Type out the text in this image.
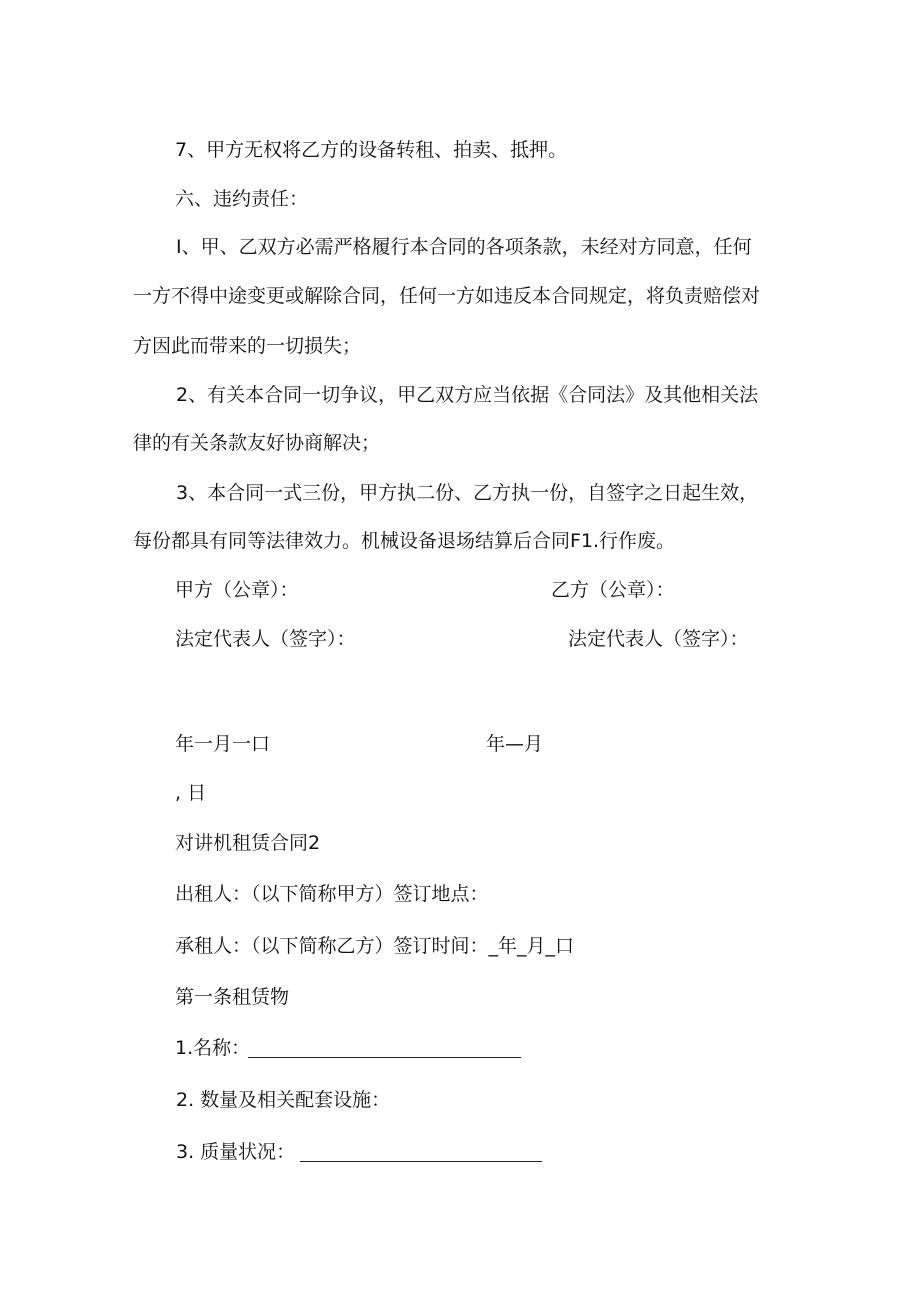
7、甲方无权将乙方的设备转租、拍卖、抵押。
六、违约责任：
I、甲、乙双方必需严格履行本合同的各项条款，未经对方同意，任何
一方不得中途变更或解除合同，任何一方如违反本合同规定，将负责赔偿对
方因此而带来的一切损失；
2、有关本合同一切争议，甲乙双方应当依据《合同法》及其他相关法
律的有关条款友好协商解决；
3、本合同一式三份，甲方执二份、乙方执一份，自签字之日起生效，
每份都具有同等法律效力。机械设备退场结算后合同F1.行作废。
甲方（公章）：	乙方（公章）：
法定代表人（签字）：	法定代表人（签字）：
年一月一口	年—月
, 日
对讲机租赁合同2
出租人：（以下简称甲方）签订地点：
承租人：（以下简称乙方）签订时间：_年_月_口
第一条租赁物
1.名称：
2. 数量及相关配套设施：
3. 质量状况：
